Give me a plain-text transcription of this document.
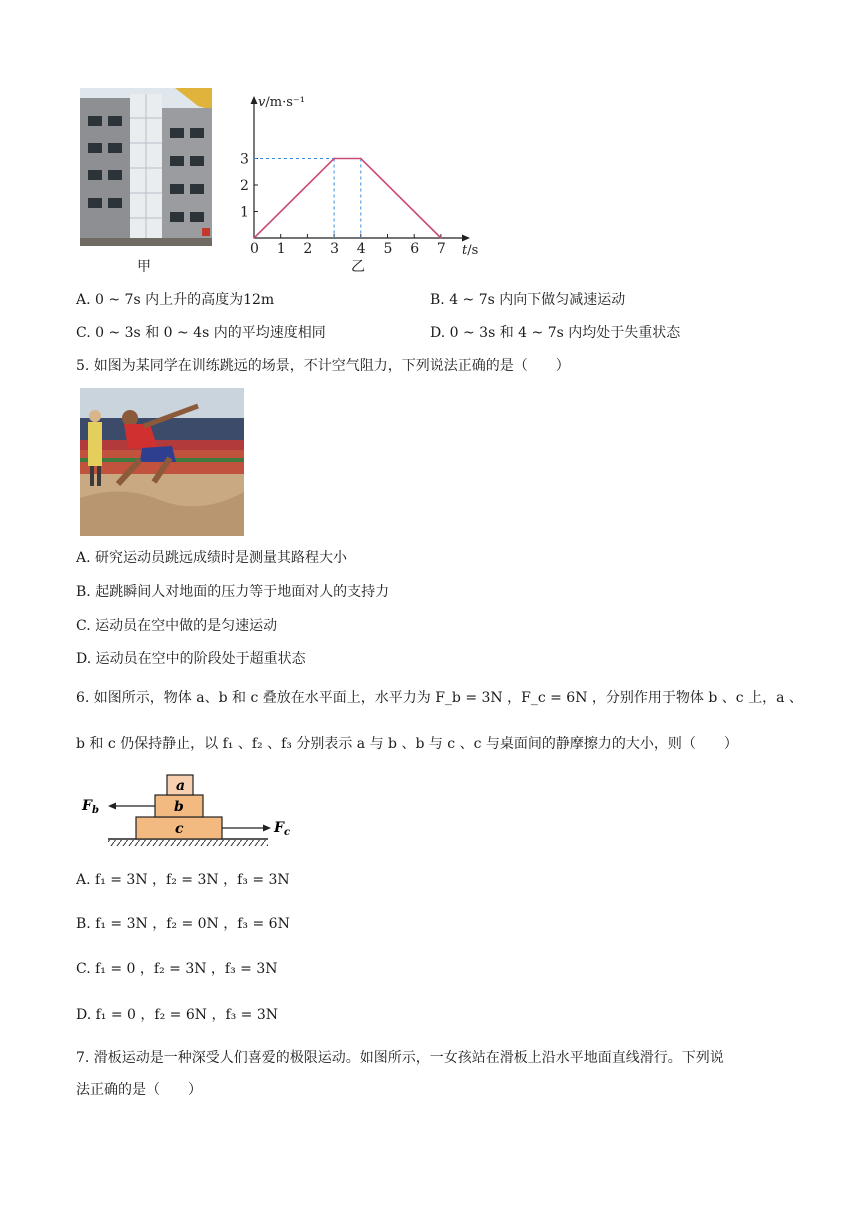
甲
0 1 2 3 4 5 6 7
1
2
3
v/m·s⁻¹
t/s
乙
A. 0 ~ 7s 内上升的高度为12m	B. 4 ~ 7s 内向下做匀减速运动
C. 0 ~ 3s 和 0 ~ 4s 内的平均速度相同	D. 0 ~ 3s 和 4 ~ 7s 内均处于失重状态
5. 如图为某同学在训练跳远的场景，不计空气阻力，下列说法正确的是（　　）
A. 研究运动员跳远成绩时是测量其路程大小
B. 起跳瞬间人对地面的压力等于地面对人的支持力
C. 运动员在空中做的是匀速运动
D. 运动员在空中的阶段处于超重状态
6. 如图所示，物体 a、b 和 c 叠放在水平面上，水平力为 F_b = 3N ，F_c = 6N ，分别作用于物体 b 、c 上，a 、
b 和 c 仍保持静止，以 f₁ 、f₂ 、f₃ 分别表示 a 与 b 、b 与 c 、c 与桌面间的静摩擦力的大小，则（　　）
a
b
c
$F_b$
$F_c$
A. f₁ = 3N ，f₂ = 3N ，f₃ = 3N
B. f₁ = 3N ，f₂ = 0N ，f₃ = 6N
C. f₁ = 0 ，f₂ = 3N ，f₃ = 3N
D. f₁ = 0 ，f₂ = 6N ，f₃ = 3N
7. 滑板运动是一种深受人们喜爱的极限运动。如图所示，一女孩站在滑板上沿水平地面直线滑行。下列说
法正确的是（　　）
